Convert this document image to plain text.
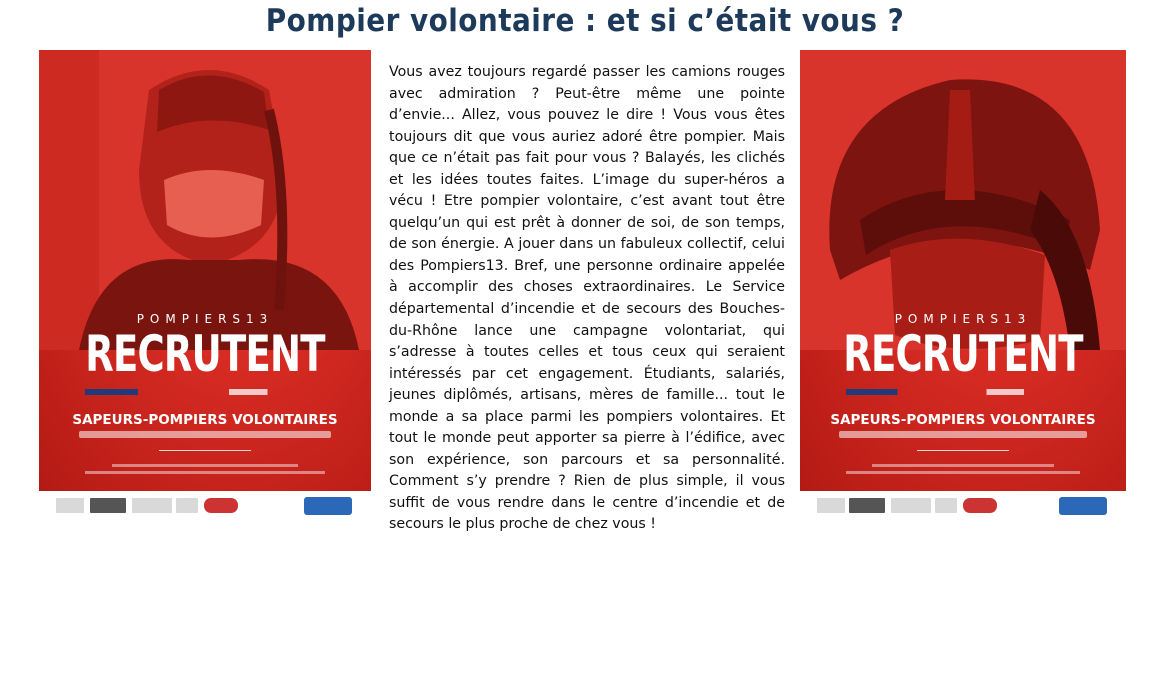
Pompier volontaire : et si c’était vous ?
POMPIERS13
RECRUTENT
SAPEURS-POMPIERS VOLONTAIRES
Vous avez toujours regardé passer les camions rouges avec admiration ? Peut-être même une pointe d’envie... Allez, vous pouvez le dire ! Vous vous êtes toujours dit que vous auriez adoré être pompier. Mais que ce n’était pas fait pour vous ? Balayés, les clichés et les idées toutes faites. L’image du super-héros a vécu ! Etre pompier volontaire, c’est avant tout être quelqu’un qui est prêt à donner de soi, de son temps, de son énergie. A jouer dans un fabuleux collectif, celui des Pompiers13. Bref, une personne ordinaire appelée à accomplir des choses extraordinaires. Le Service départemental d’incendie et de secours des Bouches-du-Rhône lance une campagne volontariat, qui s’adresse à toutes celles et tous ceux qui seraient intéressés par cet engagement. Étudiants, salariés, jeunes diplômés, artisans, mères de famille... tout le monde a sa place parmi les pompiers volontaires. Et tout le monde peut apporter sa pierre à l’édifice, avec son expérience, son parcours et sa personnalité. Comment s’y prendre ? Rien de plus simple, il vous suffit de vous rendre dans le centre d’incendie et de secours le plus proche de chez vous !
POMPIERS13
RECRUTENT
SAPEURS-POMPIERS VOLONTAIRES
